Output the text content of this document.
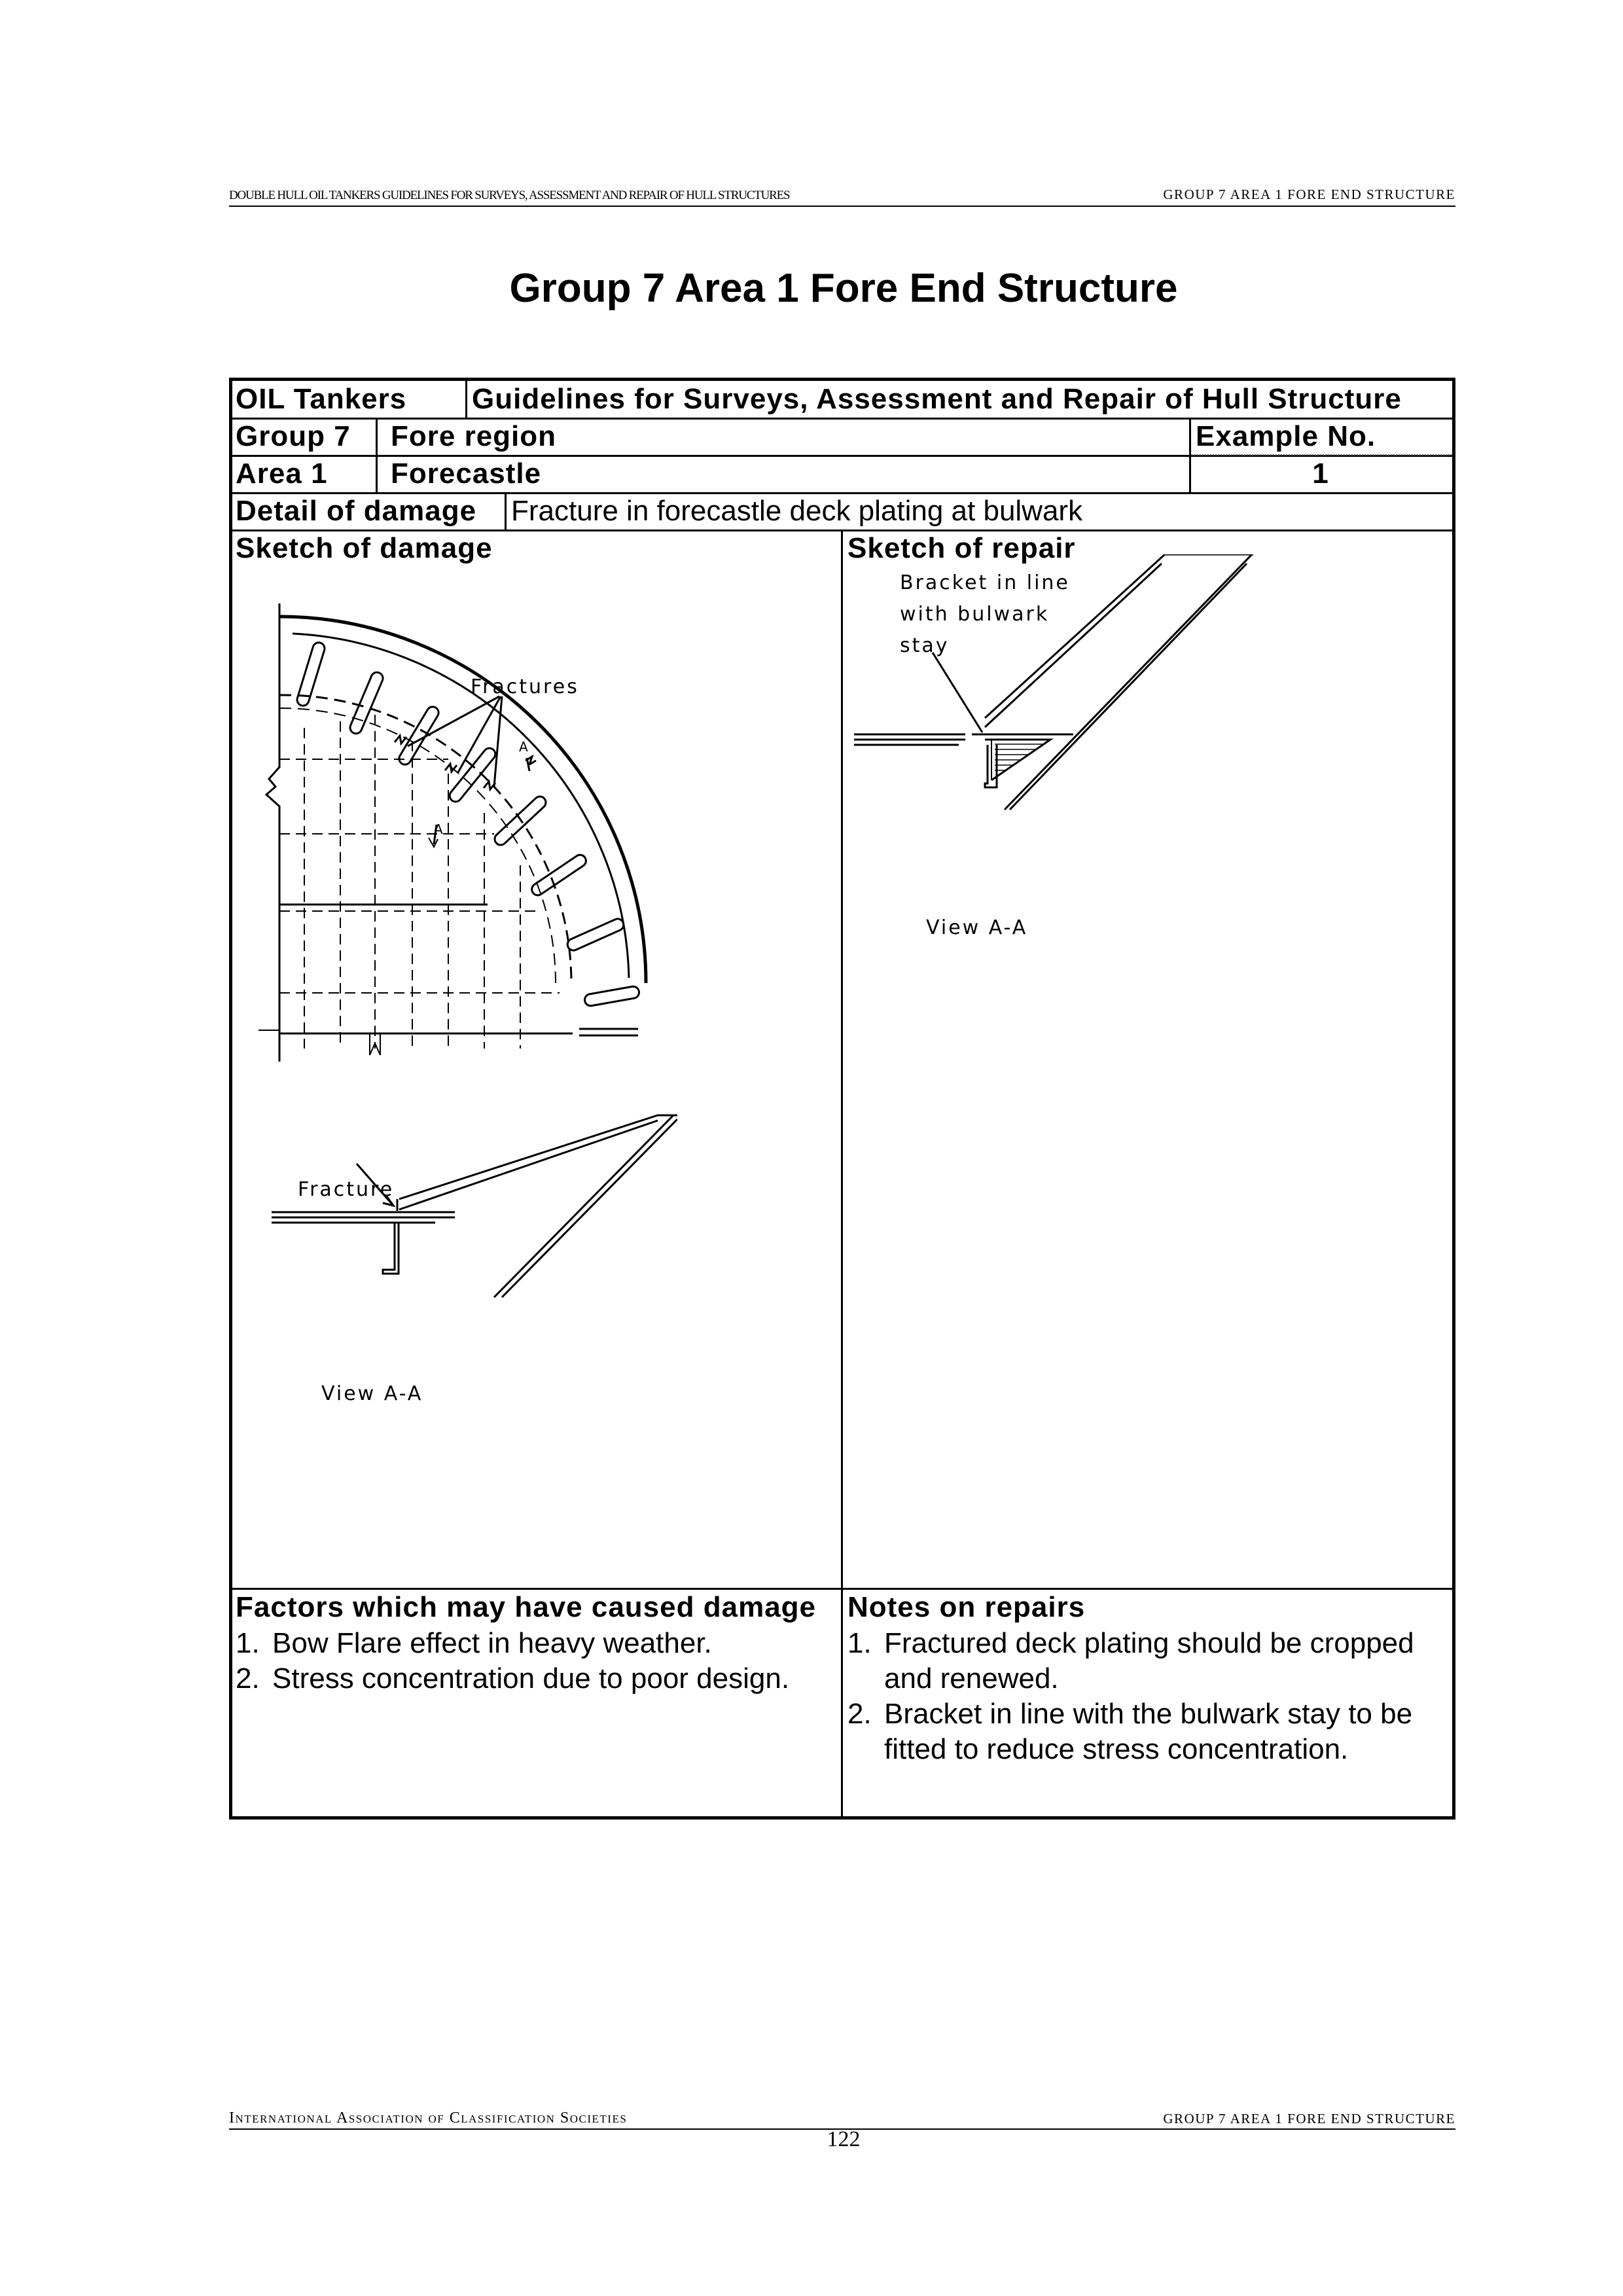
DOUBLE HULL OIL TANKERS GUIDELINES FOR SURVEYS, ASSESSMENT AND REPAIR OF HULL STRUCTURES	GROUP 7 AREA 1 FORE END STRUCTURE
Group 7 Area 1 Fore End Structure
OIL Tankers Guidelines for Surveys, Assessment and Repair of Hull Structure
Group 7 Fore region	Example No.
Area 1 Forecastle	1
Detail of damage Fracture in forecastle deck plating at bulwark
Sketch of damage	Sketch of repair
A
A
Fractures
Fracture
View A-A
Bracket in line
with bulwark
stay
View A-A
Factors which may have caused damage
1. Bow Flare effect in heavy weather.
2. Stress concentration due to poor design.
Notes on repairs
1. Fractured deck plating should be cropped and renewed.
2. Bracket in line with the bulwark stay to be fitted to reduce stress concentration.
International Association of Classification Societies	GROUP 7 AREA 1 FORE END STRUCTURE
122
